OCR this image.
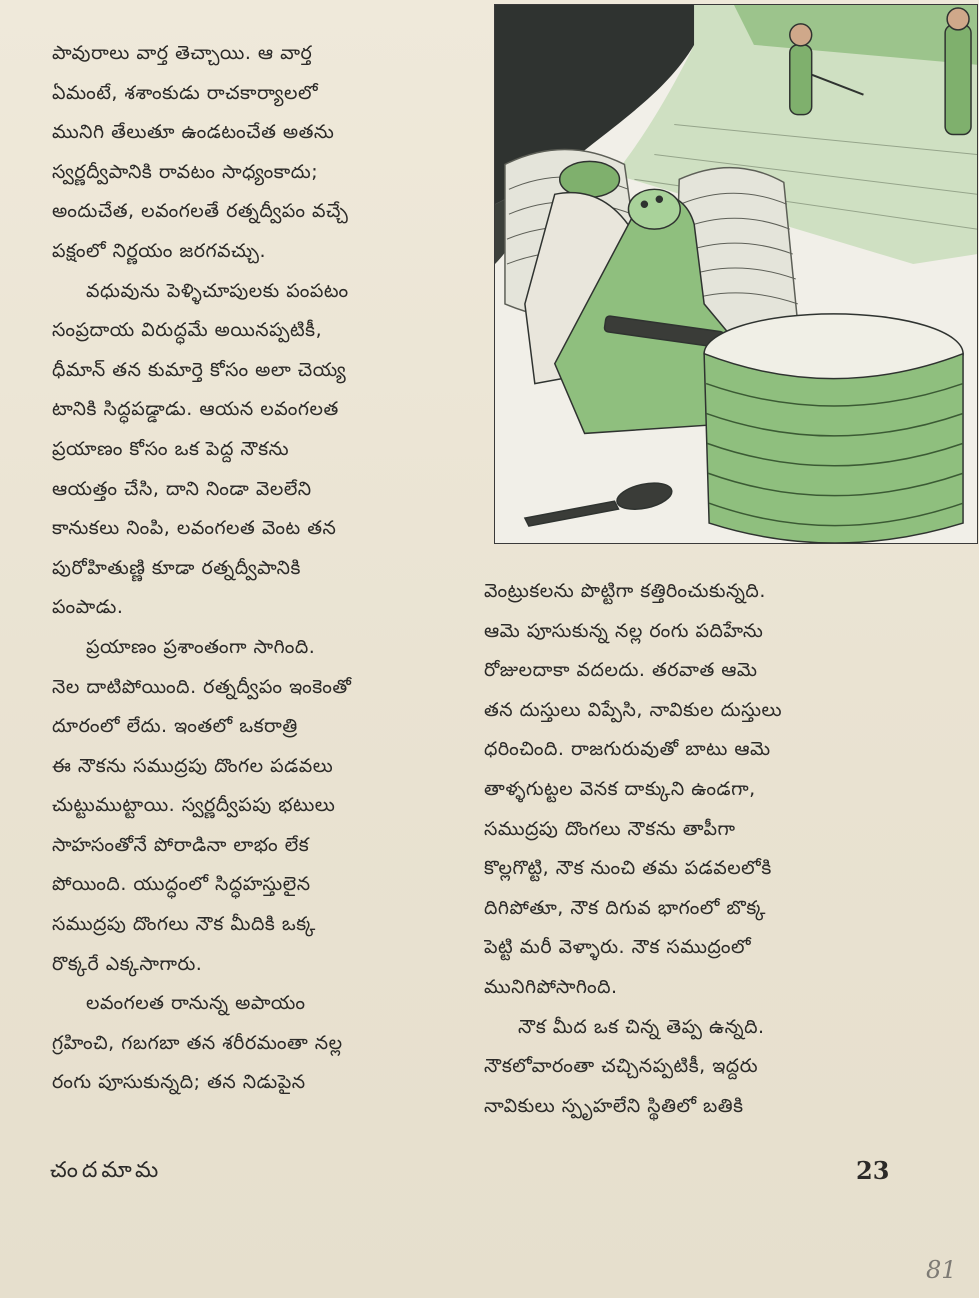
పావురాలు వార్త తెచ్చాయి. ఆ వార్త
ఏమంటే, శశాంకుడు రాచకార్యాలలో
మునిగి తేలుతూ ఉండటంచేత అతను
స్వర్ణద్వీపానికి రావటం సాధ్యంకాదు;
అందుచేత, లవంగలతే రత్నద్వీపం వచ్చే
పక్షంలో నిర్ణయం జరగవచ్చు.
వధువును పెళ్ళిచూపులకు పంపటం
సంప్రదాయ విరుద్ధమే అయినప్పటికీ,
ధీమాన్ తన కుమార్తె కోసం అలా చెయ్య
టానికి సిద్ధపడ్డాడు. ఆయన లవంగలత
ప్రయాణం కోసం ఒక పెద్ద నౌకను
ఆయత్తం చేసి, దాని నిండా వెలలేని
కానుకలు నింపి, లవంగలత వెంట తన
పురోహితుణ్ణి కూడా రత్నద్వీపానికి
పంపాడు.
ప్రయాణం ప్రశాంతంగా సాగింది.
నెల దాటిపోయింది. రత్నద్వీపం ఇంకెంతో
దూరంలో లేదు. ఇంతలో ఒకరాత్రి
ఈ నౌకను సముద్రపు దొంగల పడవలు
చుట్టుముట్టాయి. స్వర్ణద్వీపపు భటులు
సాహసంతోనే పోరాడినా లాభం లేక
పోయింది. యుద్ధంలో సిద్ధహస్తులైన
సముద్రపు దొంగలు నౌక మీదికి ఒక్క
రొక్కరే ఎక్కసాగారు.
లవంగలత రానున్న అపాయం
గ్రహించి, గబగబా తన శరీరమంతా నల్ల
రంగు పూసుకున్నది; తన నిడుపైన
వెంట్రుకలను పొట్టిగా కత్తిరించుకున్నది.
ఆమె పూసుకున్న నల్ల రంగు పదిహేను
రోజులదాకా వదలదు. తరవాత ఆమె
తన దుస్తులు విప్పేసి, నావికుల దుస్తులు
ధరించింది. రాజగురువుతో బాటు ఆమె
తాళ్ళగుట్టల వెనక దాక్కుని ఉండగా,
సముద్రపు దొంగలు నౌకను తాపీగా
కొల్లగొట్టి, నౌక నుంచి తమ పడవలలోకి
దిగిపోతూ, నౌక దిగువ భాగంలో బొక్క
పెట్టి మరీ వెళ్ళారు. నౌక సముద్రంలో
మునిగిపోసాగింది.
నౌక మీద ఒక చిన్న తెప్ప ఉన్నది.
నౌకలోవారంతా చచ్చినప్పటికీ, ఇద్దరు
నావికులు స్పృహలేని స్థితిలో బతికి
చందమామ	23
81
